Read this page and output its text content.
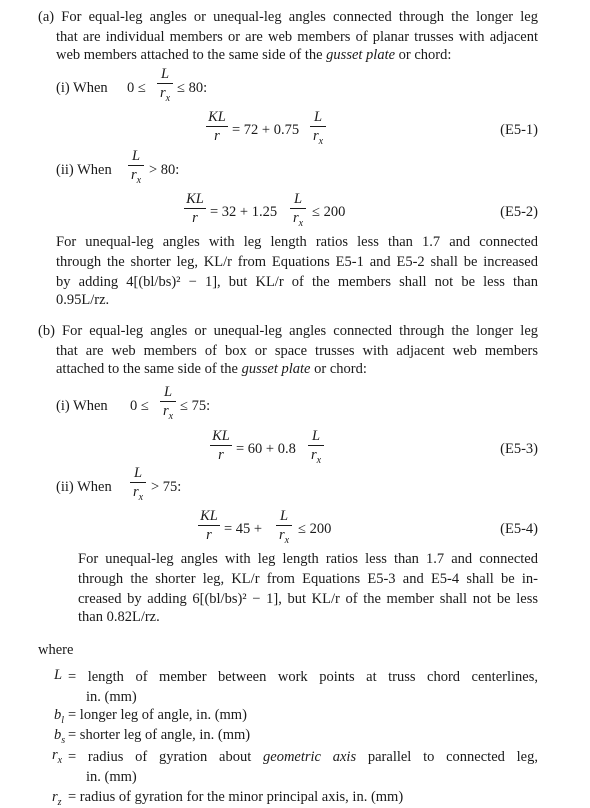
(a) For equal-leg angles or unequal-leg angles connected through the longer leg
that are individual members or are web members of planar trusses with adjacent
web members attached to the same side of the gusset plate or chord:
(i) When 0 ≤
L
$r_x$
≤ 80:
KL
r = 72 + 0.75
L
$r_x$
(E5-1)
(ii) When
L
$r_x$
> 80:
KL
r = 32 + 1.25
L
$r_x$
≤ 200	(E5-2)
For unequal-leg angles with leg length ratios less than 1.7 and connected
through the shorter leg, KL/r from Equations E5-1 and E5-2 shall be increased
by adding 4[(bl/bs)² − 1], but KL/r of the members shall not be less than
0.95L/rz.
(b) For equal-leg angles or unequal-leg angles connected through the longer leg
that are web members of box or space trusses with adjacent web members
attached to the same side of the gusset plate or chord:
(i) When 0 ≤
L
$r_x$
≤ 75:
KL
r = 60 + 0.8
L
$r_x$
(E5-3)
(ii) When
L
$r_x$
> 75:
KL
r = 45 +
L
$r_x$
≤ 200	(E5-4)
For unequal-leg angles with leg length ratios less than 1.7 and connected
through the shorter leg, KL/r from Equations E5-3 and E5-4 shall be in-
creased by adding 6[(bl/bs)² − 1], but KL/r of the member shall not be less
than 0.82L/rz.
where
L = length of member between work points at truss chord centerlines,
in. (mm)
$b_l$ = longer leg of angle, in. (mm)
$b_s$ = shorter leg of angle, in. (mm)
$r_x$ = radius of gyration about geometric axis parallel to connected leg,
in. (mm)
$r_z$ = radius of gyration for the minor principal axis, in. (mm)
